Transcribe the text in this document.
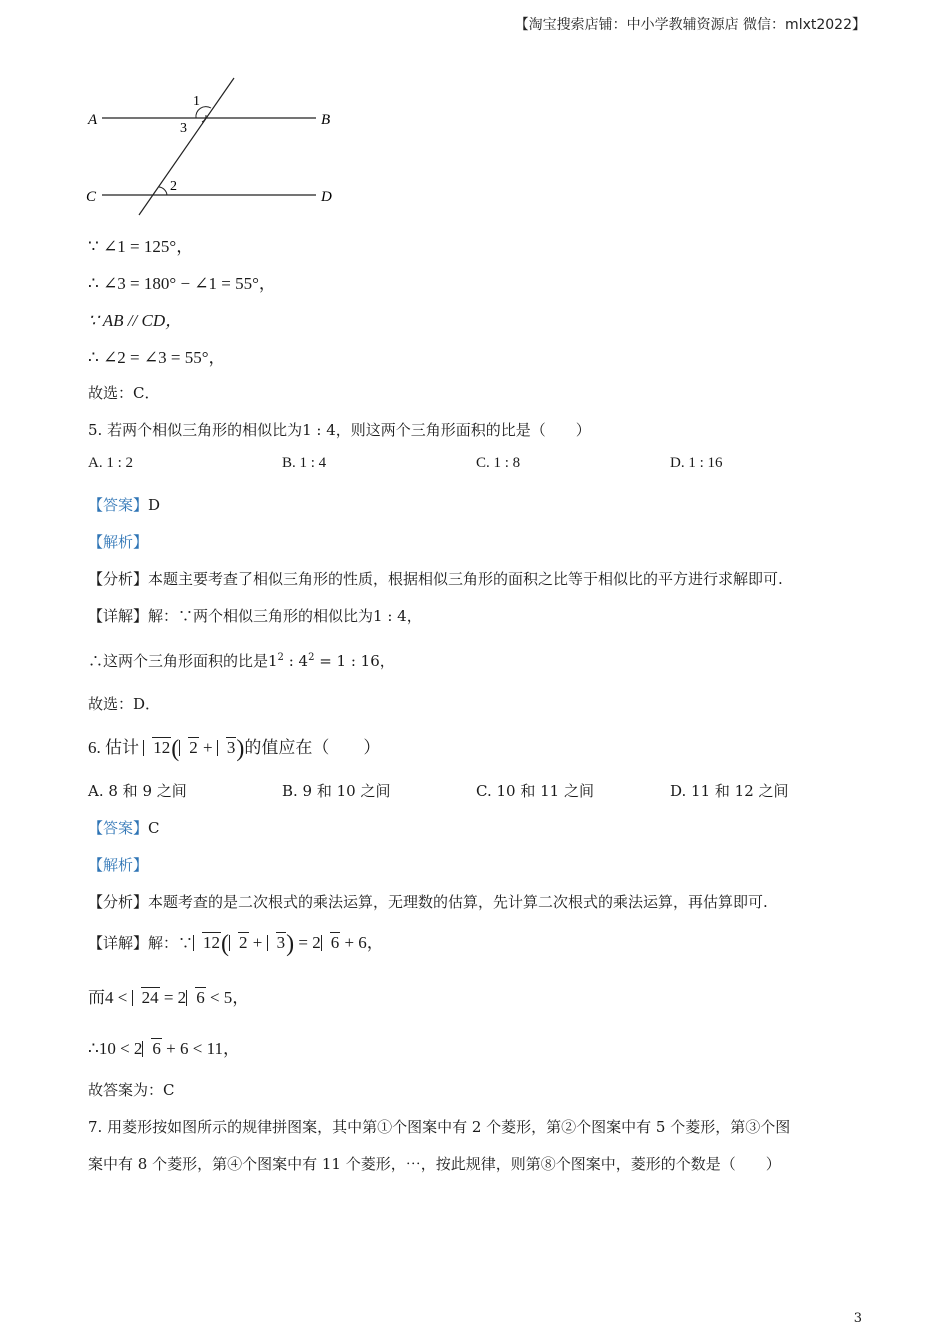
【淘宝搜索店铺：中小学教辅资源店 微信：mlxt2022】
A	B
C	D
1
3
2
∵ ∠1 = 125°，
∴ ∠3 = 180° − ∠1 = 55°，
∵ AB // CD，
∴ ∠2 = ∠3 = 55°，
故选：C．
5. 若两个相似三角形的相似比为1 : 4，则这两个三角形面积的比是（　　）
A. 1 : 2	B. 1 : 4	C. 1 : 8	D. 1 : 16
【答案】D
【解析】
【分析】本题主要考查了相似三角形的性质，根据相似三角形的面积之比等于相似比的平方进行求解即可.
【详解】解：∵两个相似三角形的相似比为1 : 4，
∴这两个三角形面积的比是$1^2$ : $4^2 = 1$ : 16，
故选：D．
6. 估计 12( 2 + 3)的值应在（　　）
A. 8 和 9 之间	B. 9 和 10 之间	C. 10 和 11 之间	D. 11 和 12 之间
【答案】C
【解析】
【分析】本题考查的是二次根式的乘法运算，无理数的估算，先计算二次根式的乘法运算，再估算即可.
【详解】解：∵ 12( 2 + 3) = 2 6 + 6，
而4 < 24 = 2 6 < 5，
∴10 < 2 6 + 6 < 11，
故答案为：C
7. 用菱形按如图所示的规律拼图案，其中第①个图案中有 2 个菱形，第②个图案中有 5 个菱形，第③个图
案中有 8 个菱形，第④个图案中有 11 个菱形，⋯，按此规律，则第⑧个图案中，菱形的个数是（　　）
3
